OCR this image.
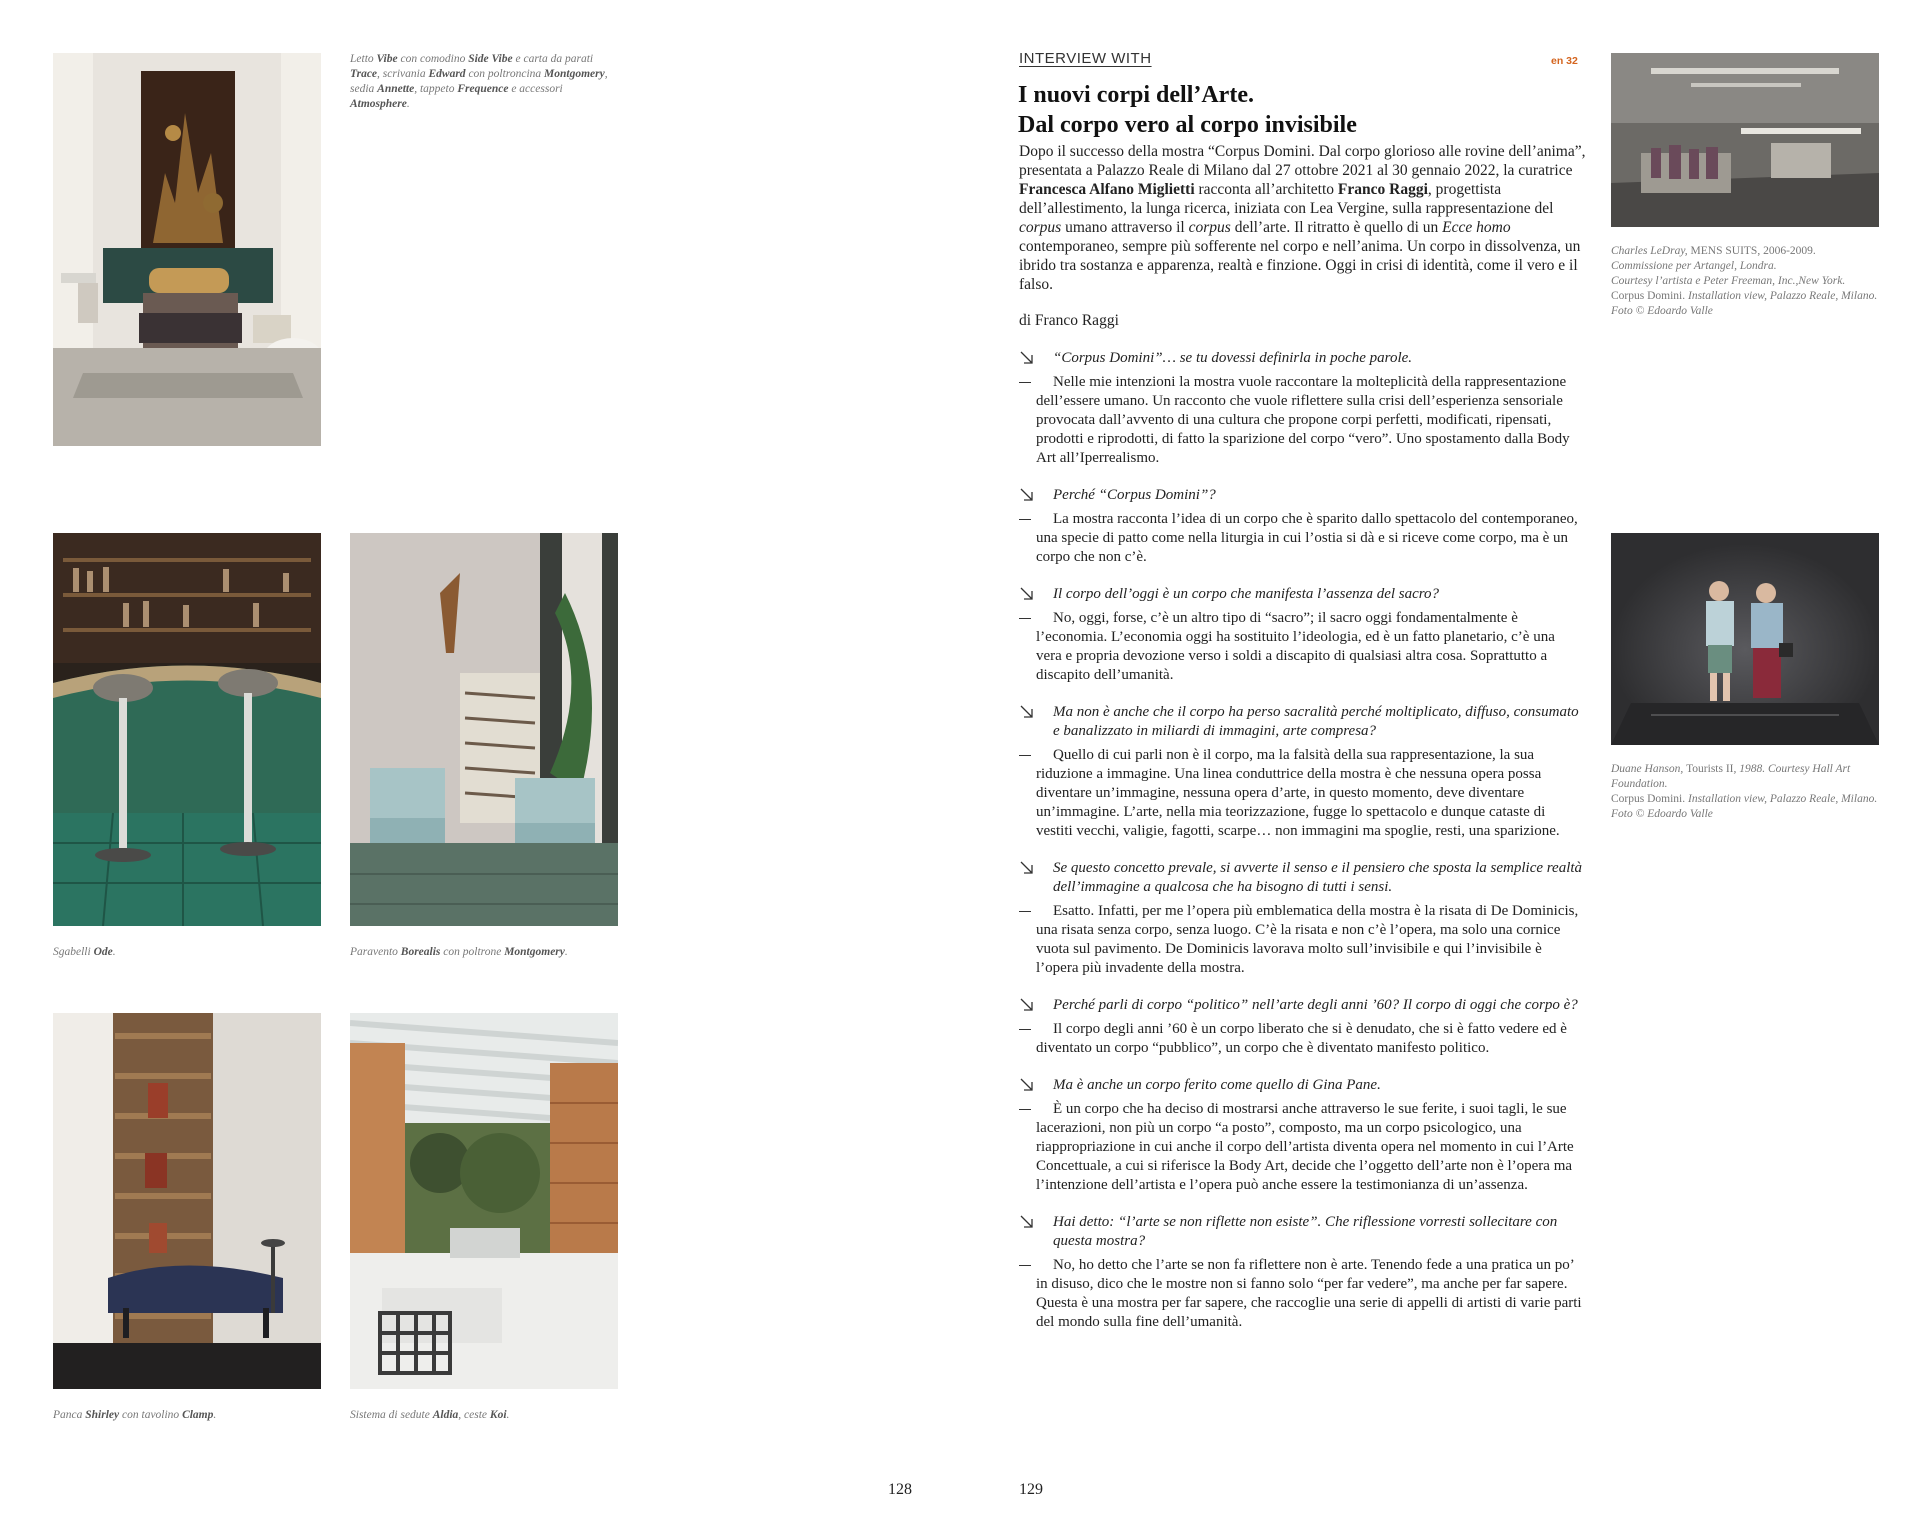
Letto Vibe con comodino Side Vibe e carta da parati Trace, scrivania Edward con poltroncina Montgomery, sedia Annette, tappeto Frequence e accessori Atmosphere.
Sgabelli Ode.	Paravento Borealis con poltrone Montgomery.
Panca Shirley con tavolino Clamp.	Sistema di sedute Aldia, ceste Koi.
128
INTERVIEW WITH	en 32
I nuovi corpi dell’Arte.
Dal corpo vero al corpo invisibile

Dopo il successo della mostra “Corpus Domini. Dal corpo glorioso alle rovine dell’anima”, presentata a Palazzo Reale di Milano dal 27 ottobre 2021 al 30 gennaio 2022, la curatrice Francesca Alfano Miglietti racconta all’architetto Franco Raggi, progettista dell’allestimento, la lunga ricerca, iniziata con Lea Vergine, sulla rappresentazione del corpus umano attraverso il corpus dell’arte. Il ritratto è quello di un Ecce homo contemporaneo, sempre più sofferente nel corpo e nell’anima. Un corpo in dissolvenza, un ibrido tra sostanza e apparenza, realtà e finzione. Oggi in crisi di identità, come il vero e il falso.

di Franco Raggi
“Corpus Domini”… se tu dovessi definirla in poche parole.
Nelle mie intenzioni la mostra vuole raccontare la molteplicità della rappresentazione dell’essere umano. Un racconto che vuole riflettere sulla crisi dell’esperienza sensoriale provocata dall’avvento di una cultura che propone corpi perfetti, modificati, ripensati, prodotti e riprodotti, di fatto la sparizione del corpo “vero”. Uno spostamento dalla Body Art all’Iperrealismo.
Perché “Corpus Domini”?
La mostra racconta l’idea di un corpo che è sparito dallo spettacolo del contemporaneo, una specie di patto come nella liturgia in cui l’ostia si dà e si riceve come corpo, ma è un corpo che non c’è.
Il corpo dell’oggi è un corpo che manifesta l’assenza del sacro?
No, oggi, forse, c’è un altro tipo di “sacro”; il sacro oggi fondamentalmente è l’economia. L’economia oggi ha sostituito l’ideologia, ed è un fatto planetario, c’è una vera e propria devozione verso i soldi a discapito di qualsiasi altra cosa. Soprattutto a discapito dell’umanità.
Ma non è anche che il corpo ha perso sacralità perché moltiplicato, diffuso, consumato e banalizzato in miliardi di immagini, arte compresa?
Quello di cui parli non è il corpo, ma la falsità della sua rappresentazione, la sua riduzione a immagine. Una linea conduttrice della mostra è che nessuna opera possa diventare un’immagine, nessuna opera d’arte, in questo momento, deve diventare un’immagine. L’arte, nella mia teorizzazione, fugge lo spettacolo e dunque cataste di vestiti vecchi, valigie, fagotti, scarpe… non immagini ma spoglie, resti, una sparizione.
Se questo concetto prevale, si avverte il senso e il pensiero che sposta la semplice realtà dell’immagine a qualcosa che ha bisogno di tutti i sensi.
Esatto. Infatti, per me l’opera più emblematica della mostra è la risata di De Dominicis, una risata senza corpo, senza luogo. C’è la risata e non c’è l’opera, ma solo una cornice vuota sul pavimento. De Dominicis lavorava molto sull’invisibile e qui l’invisibile è l’opera più invadente della mostra.
Perché parli di corpo “politico” nell’arte degli anni ’60? Il corpo di oggi che corpo è?
Il corpo degli anni ’60 è un corpo liberato che si è denudato, che si è fatto vedere ed è diventato un corpo “pubblico”, un corpo che è diventato manifesto politico.
Ma è anche un corpo ferito come quello di Gina Pane.
È un corpo che ha deciso di mostrarsi anche attraverso le sue ferite, i suoi tagli, le sue lacerazioni, non più un corpo “a posto”, composto, ma un corpo psicologico, una riappropriazione in cui anche il corpo dell’artista diventa opera nel momento in cui l’Arte Concettuale, a cui si riferisce la Body Art, decide che l’oggetto dell’arte non è l’opera ma l’intenzione dell’artista e l’opera può anche essere la testimonianza di un’assenza.
Hai detto: “l’arte se non riflette non esiste”. Che riflessione vorresti sollecitare con questa mostra?
No, ho detto che l’arte se non fa riflettere non è arte. Tenendo fede a una pratica un po’ in disuso, dico che le mostre non si fanno solo “per far vedere”, ma anche per far sapere. Questa è una mostra per far sapere, che raccoglie una serie di appelli di artisti di varie parti del mondo sulla fine dell’umanità.
Charles LeDray, MENS SUITS, 2006-2009.
Commissione per Artangel, Londra.
Courtesy l’artista e Peter Freeman, Inc.,New York.
Corpus Domini. Installation view, Palazzo Reale, Milano. Foto © Edoardo Valle
Duane Hanson, Tourists II, 1988. Courtesy Hall Art Foundation.
Corpus Domini. Installation view, Palazzo Reale, Milano. Foto © Edoardo Valle
129
